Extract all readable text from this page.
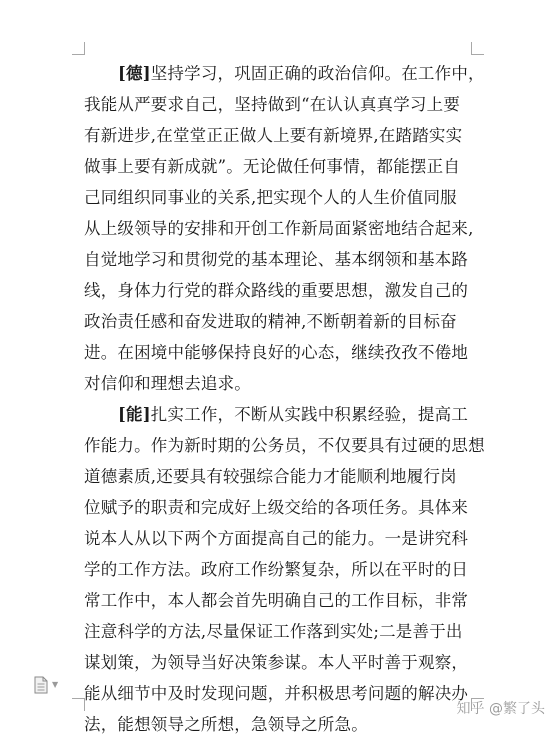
[德]坚持学习，巩固正确的政治信仰。在工作中，
我能从严要求自己，坚持做到“在认认真真学习上要
有新进步,在堂堂正正做人上要有新境界,在踏踏实实
做事上要有新成就”。无论做任何事情，都能摆正自
己同组织同事业的关系,把实现个人的人生价值同服
从上级领导的安排和开创工作新局面紧密地结合起来,
自觉地学习和贯彻党的基本理论、基本纲领和基本路
线，身体力行党的群众路线的重要思想，激发自己的
政治责任感和奋发进取的精神,不断朝着新的目标奋
进。在困境中能够保持良好的心态，继续孜孜不倦地
对信仰和理想去追求。
[能]扎实工作，不断从实践中积累经验，提高工
作能力。作为新时期的公务员，不仅要具有过硬的思想
道德素质,还要具有较强综合能力才能顺利地履行岗
位赋予的职责和完成好上级交给的各项任务。具体来
说本人从以下两个方面提高自己的能力。一是讲究科
学的工作方法。政府工作纷繁复杂，所以在平时的日
常工作中，本人都会首先明确自己的工作目标，非常
注意科学的方法,尽量保证工作落到实处;二是善于出
谋划策，为领导当好决策参谋。本人平时善于观察，
能从细节中及时发现问题，并积极思考问题的解决办
法，能想领导之所想，急领导之所急。
▼
知乎 @繁了头
